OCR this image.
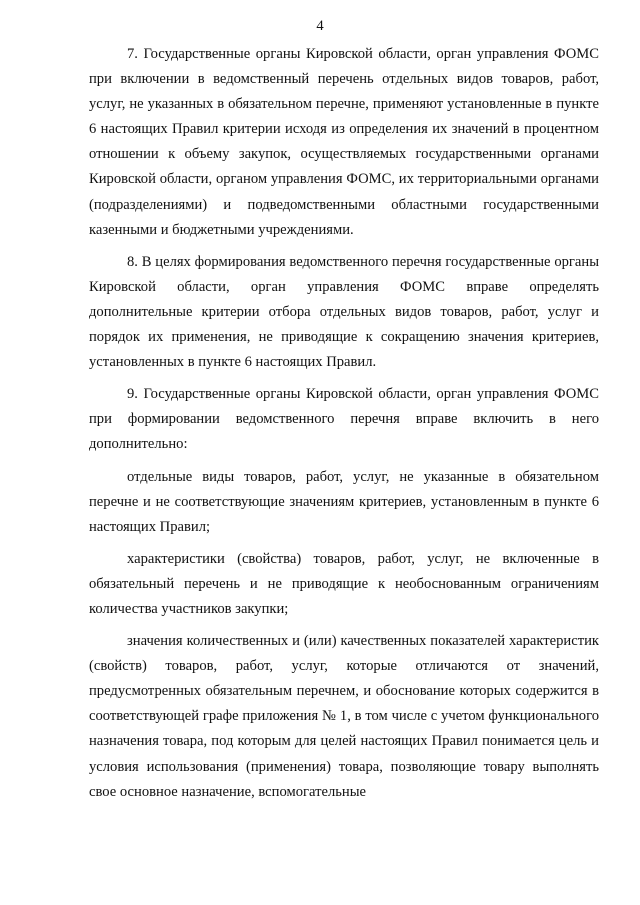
4

7. Государственные органы Кировской области, орган управления ФОМС при включении в ведомственный перечень отдельных видов товаров, работ, услуг, не указанных в обязательном перечне, применяют установленные в пункте 6 настоящих Правил критерии исходя из определения их значений в процентном отношении к объему закупок, осуществляемых государственными органами Кировской области, органом управления ФОМС, их территориальными органами (подразделениями) и подведомственными областными государственными казенными и бюджетными учреждениями.

8. В целях формирования ведомственного перечня государственные органы Кировской области, орган управления ФОМС вправе определять дополнительные критерии отбора отдельных видов товаров, работ, услуг и порядок их применения, не приводящие к сокращению значения критериев, установленных в пункте 6 настоящих Правил.

9. Государственные органы Кировской области, орган управления ФОМС при формировании ведомственного перечня вправе включить в него дополнительно:

отдельные виды товаров, работ, услуг, не указанные в обязательном перечне и не соответствующие значениям критериев, установленным в пункте 6 настоящих Правил;

характеристики (свойства) товаров, работ, услуг, не включенные в обязательный перечень и не приводящие к необоснованным ограничениям количества участников закупки;

значения количественных и (или) качественных показателей характеристик (свойств) товаров, работ, услуг, которые отличаются от значений, предусмотренных обязательным перечнем, и обоснование которых содержится в соответствующей графе приложения № 1, в том числе с учетом функционального назначения товара, под которым для целей настоящих Правил понимается цель и условия использования (применения) товара, позволяющие товару выполнять свое основное назначение, вспомогательные
